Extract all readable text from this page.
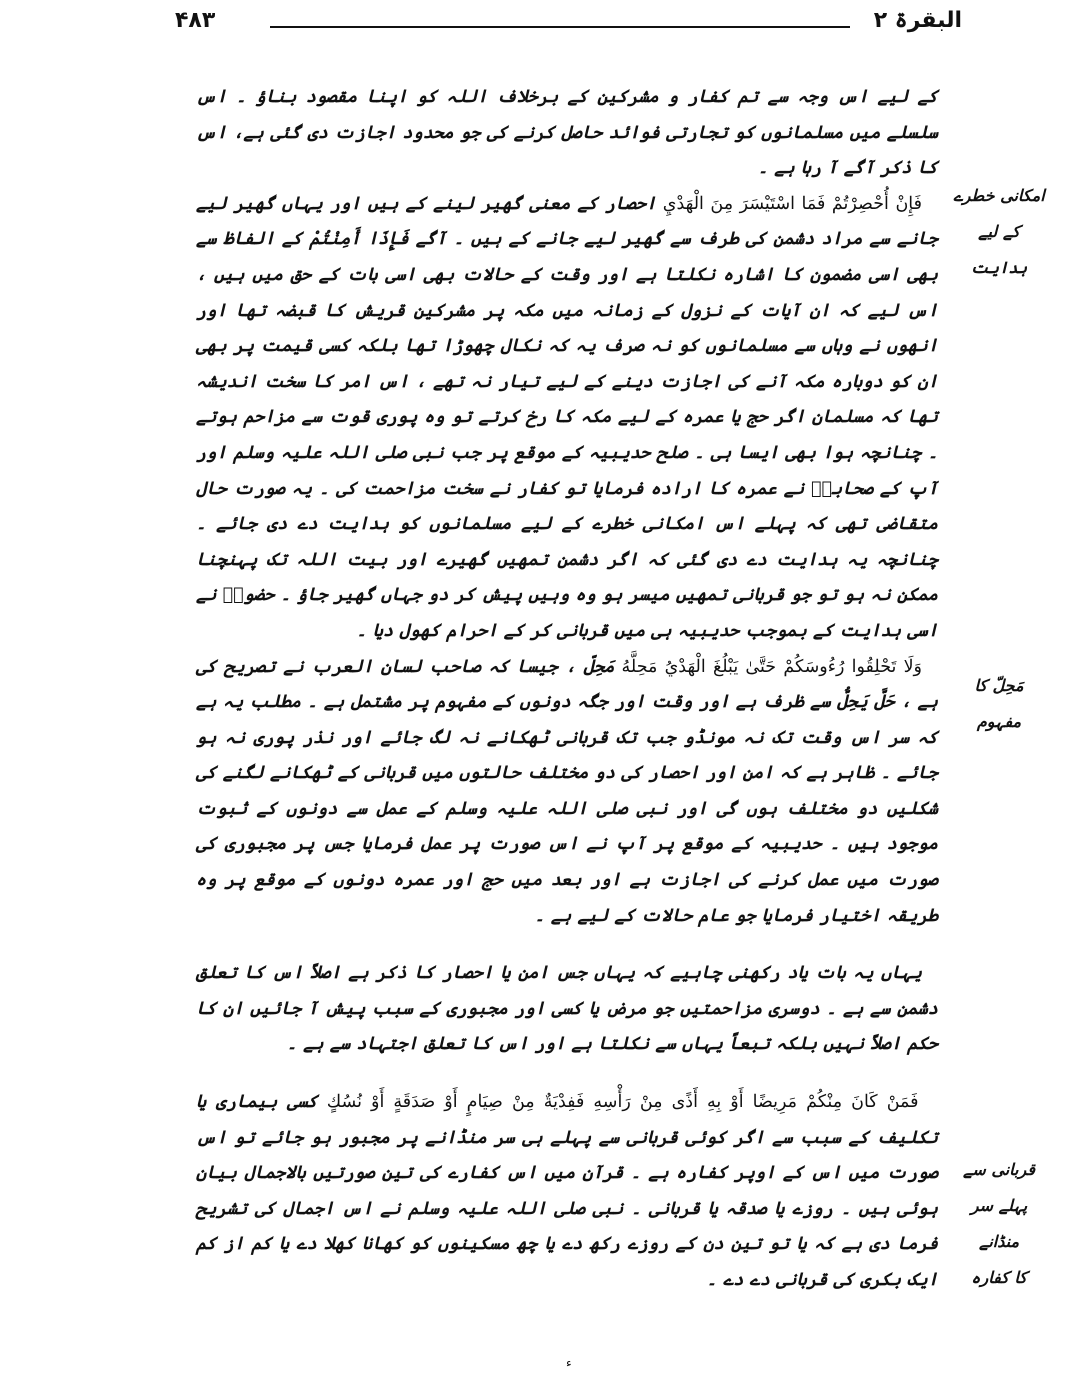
البقرۃ ۲
۴۸۳

کے لیے اس وجہ سے تم کفار و مشرکین کے برخلاف اللہ کو اپنا مقصود بناؤ ۔ اس سلسلے میں مسلمانوں کو تجارتی فوائد حاصل کرنے کی جو محدود اجازت دی گئی ہے، اس کا ذکر آگے آ رہا ہے ۔

فَإِنْ أُحْصِرْتُمْ فَمَا اسْتَيْسَرَ مِنَ الْهَدْيِ احصار کے معنی گھیر لینے کے ہیں اور یہاں گھیر لیے جانے سے مراد دشمن کی طرف سے گھیر لیے جانے کے ہیں ۔ آگے فَإِذَا أَمِنْتُمْ کے الفاظ سے بھی اسی مضمون کا اشارہ نکلتا ہے اور وقت کے حالات بھی اسی بات کے حق میں ہیں ، اس لیے کہ ان آیات کے نزول کے زمانہ میں مکہ پر مشرکین قریش کا قبضہ تھا اور انھوں نے وہاں سے مسلمانوں کو نہ صرف یہ کہ نکال چھوڑا تھا بلکہ کسی قیمت پر بھی ان کو دوبارہ مکہ آنے کی اجازت دینے کے لیے تیار نہ تھے ، اس امر کا سخت اندیشہ تھا کہ مسلمان اگر حج یا عمرہ کے لیے مکہ کا رخ کرتے تو وہ پوری قوت سے مزاحم ہوتے ۔ چنانچہ ہوا بھی ایسا ہی ۔ صلح حدیبیہ کے موقع پر جب نبی صلی اللہ علیہ وسلم اور آپ کے صحابہؓ نے عمرہ کا ارادہ فرمایا تو کفار نے سخت مزاحمت کی ۔ یہ صورت حال متقاضی تھی کہ پہلے اس امکانی خطرے کے لیے مسلمانوں کو ہدایت دے دی جائے ۔ چنانچہ یہ ہدایت دے دی گئی کہ اگر دشمن تمھیں گھیرے اور بیت اللہ تک پہنچنا ممکن نہ ہو تو جو قربانی تمھیں میسر ہو وہ وہیں پیش کر دو جہاں گھیر جاؤ ۔ حضورؐ نے اسی ہدایت کے بموجب حدیبیہ ہی میں قربانی کر کے احرام کھول دیا ۔

وَلَا تَحْلِقُوا رُءُوسَكُمْ حَتَّىٰ يَبْلُغَ الْهَدْيُ مَحِلَّهُ مَحِلّ ، جیسا کہ صاحب لسان العرب نے تصریح کی ہے ، حَلَّ یَحِلُّ سے ظرف ہے اور وقت اور جگہ دونوں کے مفہوم پر مشتمل ہے ۔ مطلب یہ ہے کہ سر اس وقت تک نہ مونڈو جب تک قربانی ٹھکانے نہ لگ جائے اور نذر پوری نہ ہو جائے ۔ ظاہر ہے کہ امن اور احصار کی دو مختلف حالتوں میں قربانی کے ٹھکانے لگنے کی شکلیں دو مختلف ہوں گی اور نبی صلی اللہ علیہ وسلم کے عمل سے دونوں کے ثبوت موجود ہیں ۔ حدیبیہ کے موقع پر آپ نے اس صورت پر عمل فرمایا جس پر مجبوری کی صورت میں عمل کرنے کی اجازت ہے اور بعد میں حج اور عمرہ دونوں کے موقع پر وہ طریقہ اختیار فرمایا جو عام حالات کے لیے ہے ۔

یہاں یہ بات یاد رکھنی چاہیے کہ یہاں جس امن یا احصار کا ذکر ہے اصلاً اس کا تعلق دشمن سے ہے ۔ دوسری مزاحمتیں جو مرض یا کسی اور مجبوری کے سبب پیش آ جائیں ان کا حکم اصلاً نہیں بلکہ تبعاً یہاں سے نکلتا ہے اور اس کا تعلق اجتہاد سے ہے ۔

فَمَنْ كَانَ مِنْكُمْ مَرِيضًا أَوْ بِهِ أَذًى مِنْ رَأْسِهِ فَفِدْيَةٌ مِنْ صِيَامٍ أَوْ صَدَقَةٍ أَوْ نُسُكٍ کسی بیماری یا تکلیف کے سبب سے اگر کوئی قربانی سے پہلے ہی سر منڈانے پر مجبور ہو جائے تو اس صورت میں اس کے اوپر کفارہ ہے ۔ قرآن میں اس کفارے کی تین صورتیں بالاجمال بیان ہوئی ہیں ۔ روزے یا صدقہ یا قربانی ۔ نبی صلی اللہ علیہ وسلم نے اس اجمال کی تشریح فرما دی ہے کہ یا تو تین دن کے روزے رکھ دے یا چھ مسکینوں کو کھانا کھلا دے یا کم از کم ایک بکری کی قربانی دے دے ۔

امکانی خطرے
کے لیے
ہدایت
مَحِلّ کا
مفہوم
قربانی سے
پہلے سر منڈانے
کا کفارہ
ء
